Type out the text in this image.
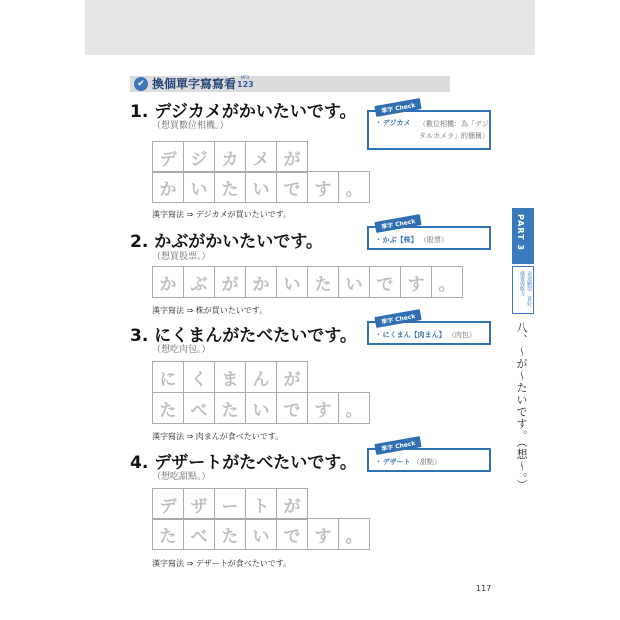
✔ 換個單字寫寫看	MP3
123
1. デジカメがかいたいです。
（想買數位相機。）
デ ジ カ メ が
か い た い で す 。
漢字寫法 ⇒ デジカメが買いたいです。
單字 Check
· デジカメ （數位相機：為「デジタルカメラ」的簡稱）
2. かぶがかいたいです。
（想買股票。）
か ぶ が か い た い で す 。
漢字寫法 ⇒ 株が買いたいです。
單字 Check
· かぶ【株】 （股票）
3. にくまんがたべたいです。
（想吃肉包。）
に く ま ん が
た べ た い で す 。
漢字寫法 ⇒ 肉まんが食べたいです。
單字 Check
· にくまん【肉まん】 （肉包）
4. デザートがたべたいです。
（想吃甜點。）
デ ザ ー ト が
た べ た い で す 。
漢字寫法 ⇒ デザートが食べたいです。
單字 Check
· デザート （甜點）
PART 3
表達願望、喜好、感覺與能力
八、～が～たいです。（想～。）
117
